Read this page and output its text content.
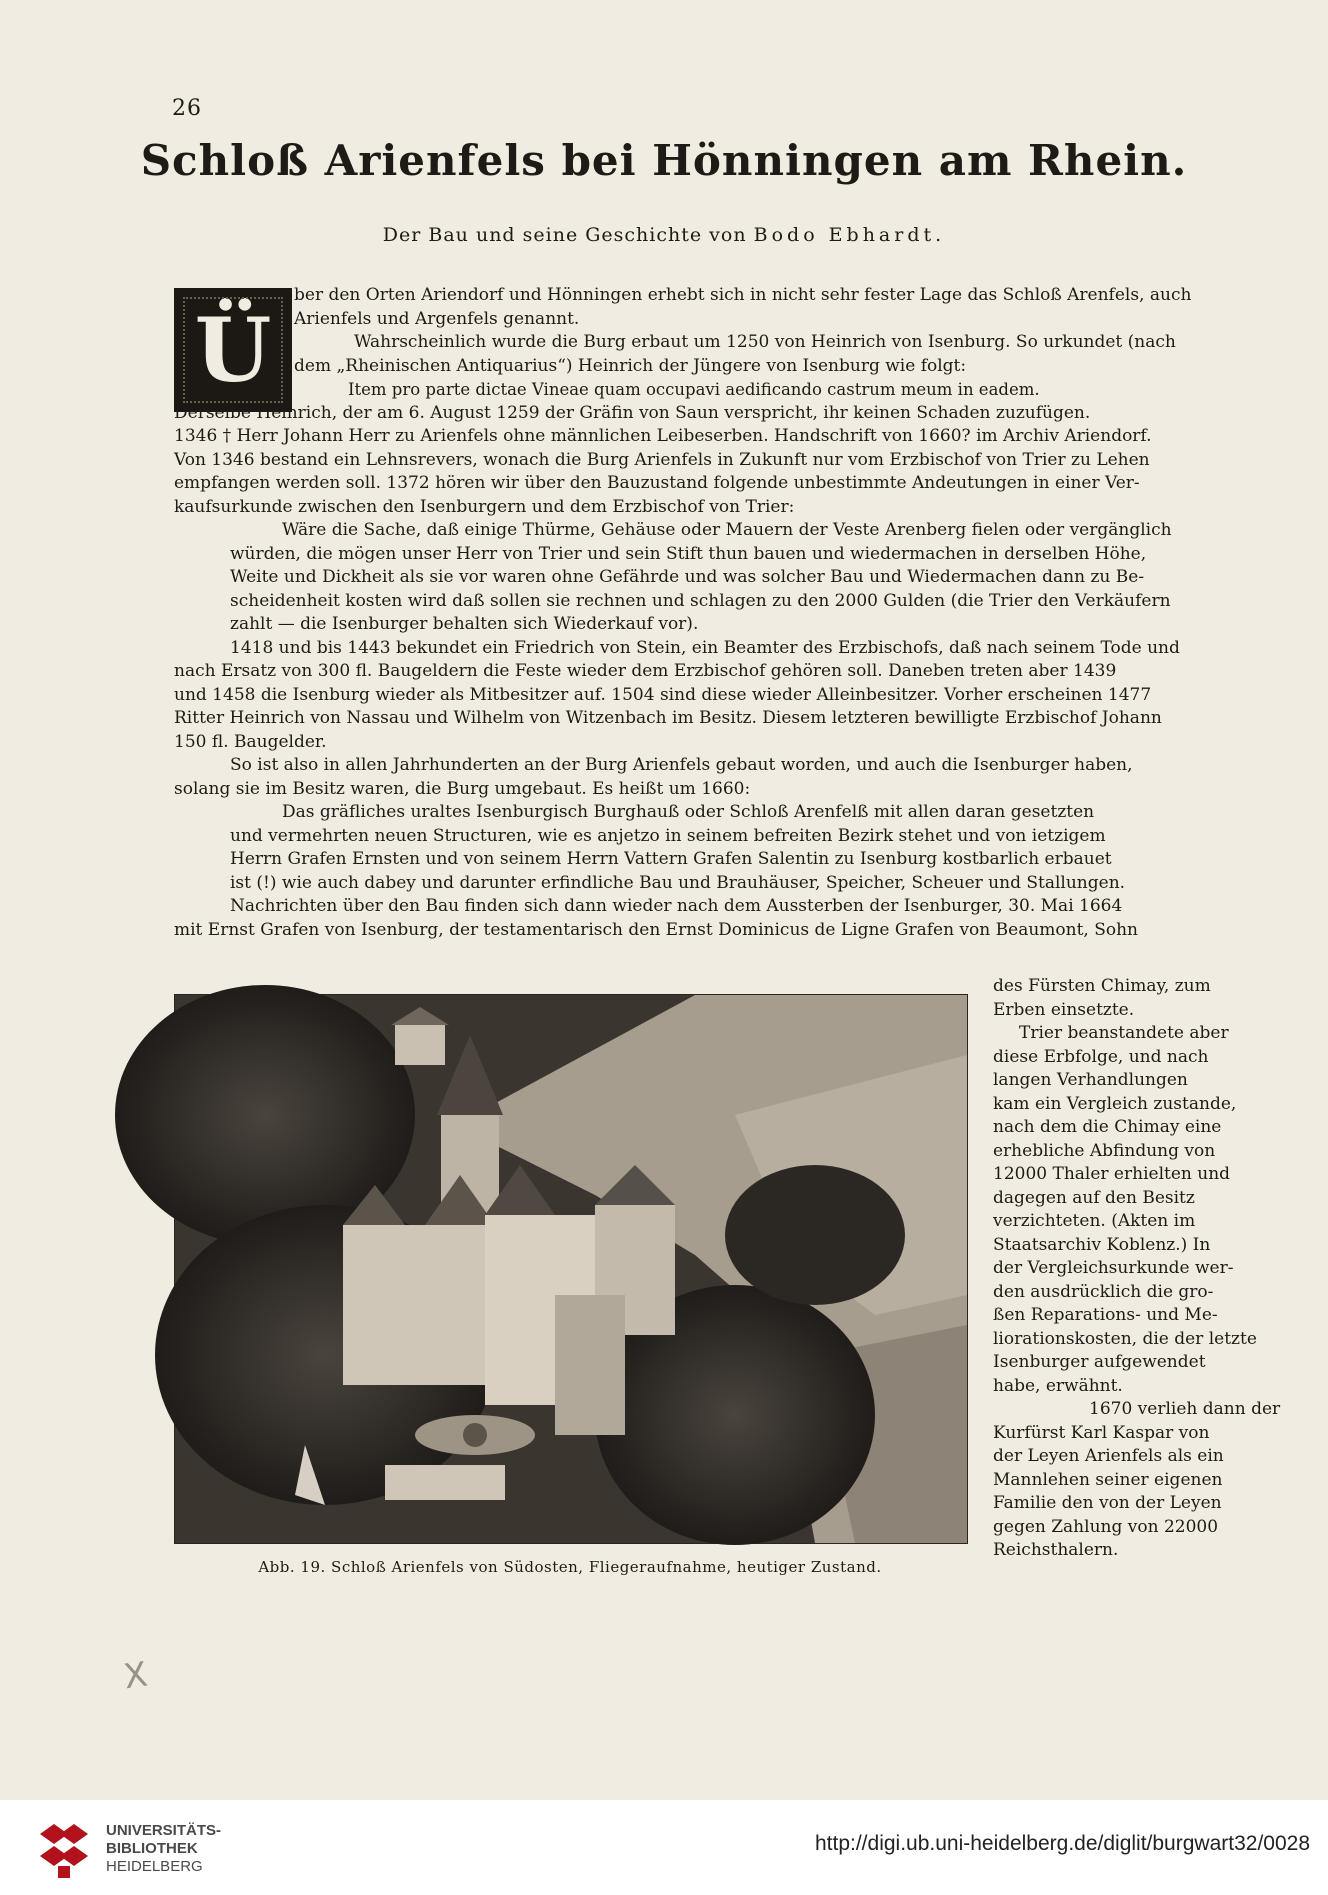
26
Schloß Arienfels bei Hönningen am Rhein.
Der Bau und seine Geschichte von Bodo Ebhardt.
Ü
ber den Orten Ariendorf und Hönningen erhebt sich in nicht sehr fester Lage das Schloß Arenfels, auch
Arienfels und Argenfels genannt.
Wahrscheinlich wurde die Burg erbaut um 1250 von Heinrich von Isenburg. So urkundet (nach
dem „Rheinischen Antiquarius“) Heinrich der Jüngere von Isenburg wie folgt:
Item pro parte dictae Vineae quam occupavi aedificando castrum meum in eadem.
Derselbe Heinrich, der am 6. August 1259 der Gräfin von Saun verspricht, ihr keinen Schaden zuzufügen.
1346 † Herr Johann Herr zu Arienfels ohne männlichen Leibeserben. Handschrift von 1660? im Archiv Ariendorf.
Von 1346 bestand ein Lehnsrevers, wonach die Burg Arienfels in Zukunft nur vom Erzbischof von Trier zu Lehen
empfangen werden soll. 1372 hören wir über den Bauzustand folgende unbestimmte Andeutungen in einer Ver-
kaufsurkunde zwischen den Isenburgern und dem Erzbischof von Trier:
Wäre die Sache, daß einige Thürme, Gehäuse oder Mauern der Veste Arenberg fielen oder vergänglich
würden, die mögen unser Herr von Trier und sein Stift thun bauen und wiedermachen in derselben Höhe,
Weite und Dickheit als sie vor waren ohne Gefährde und was solcher Bau und Wiedermachen dann zu Be-
scheidenheit kosten wird daß sollen sie rechnen und schlagen zu den 2000 Gulden (die Trier den Verkäufern
zahlt — die Isenburger behalten sich Wiederkauf vor).
1418 und bis 1443 bekundet ein Friedrich von Stein, ein Beamter des Erzbischofs, daß nach seinem Tode und
nach Ersatz von 300 fl. Baugeldern die Feste wieder dem Erzbischof gehören soll. Daneben treten aber 1439
und 1458 die Isenburg wieder als Mitbesitzer auf. 1504 sind diese wieder Alleinbesitzer. Vorher erscheinen 1477
Ritter Heinrich von Nassau und Wilhelm von Witzenbach im Besitz. Diesem letzteren bewilligte Erzbischof Johann
150 fl. Baugelder.
So ist also in allen Jahrhunderten an der Burg Arienfels gebaut worden, und auch die Isenburger haben,
solang sie im Besitz waren, die Burg umgebaut. Es heißt um 1660:
Das gräfliches uraltes Isenburgisch Burghauß oder Schloß Arenfelß mit allen daran gesetzten
und vermehrten neuen Structuren, wie es anjetzo in seinem befreiten Bezirk stehet und von ietzigem
Herrn Grafen Ernsten und von seinem Herrn Vattern Grafen Salentin zu Isenburg kostbarlich erbauet
ist (!) wie auch dabey und darunter erfindliche Bau und Brauhäuser, Speicher, Scheuer und Stallungen.
Nachrichten über den Bau finden sich dann wieder nach dem Aussterben der Isenburger, 30. Mai 1664
mit Ernst Grafen von Isenburg, der testamentarisch den Ernst Dominicus de Ligne Grafen von Beaumont, Sohn
Abb. 19. Schloß Arienfels von Südosten, Fliegeraufnahme, heutiger Zustand.
des Fürsten Chimay, zum
Erben einsetzte.
Trier beanstandete aber
diese Erbfolge, und nach
langen Verhandlungen
kam ein Vergleich zustande,
nach dem die Chimay eine
erhebliche Abfindung von
12000 Thaler erhielten und
dagegen auf den Besitz
verzichteten. (Akten im
Staatsarchiv Koblenz.) In
der Vergleichsurkunde wer-
den ausdrücklich die gro-
ßen Reparations- und Me-
liorationskosten, die der letzte
Isenburger aufgewendet
habe, erwähnt.
1670 verlieh dann der
Kurfürst Karl Kaspar von
der Leyen Arienfels als ein
Mannlehen seiner eigenen
Familie den von der Leyen
gegen Zahlung von 22000
Reichsthalern.
X
UNIVERSITÄTS-
BIBLIOTHEK
HEIDELBERG
http://digi.ub.uni-heidelberg.de/diglit/burgwart32/0028
